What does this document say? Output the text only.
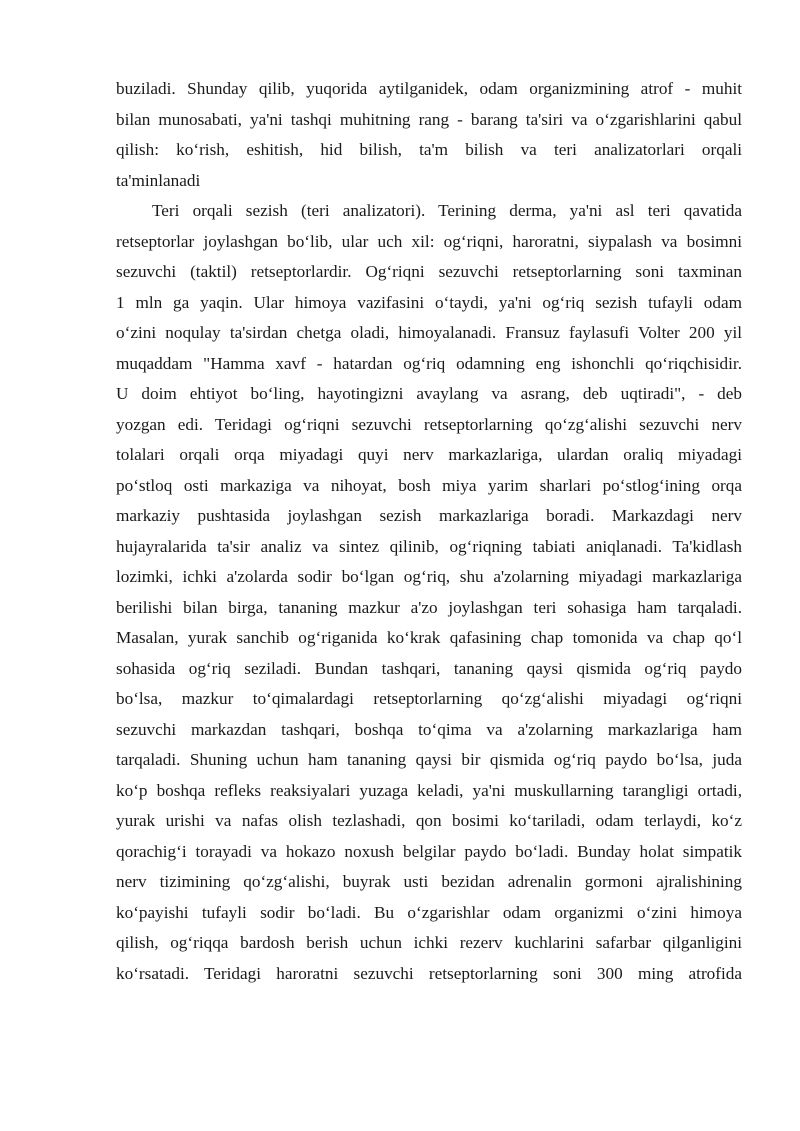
buziladi. Shunday qilib, yuqorida aytilganidek, odam organizmining atrof - muhit
bilan munosabati, ya'ni tashqi muhitning rang - barang ta'siri va o‘zgarishlarini qabul
qilish: ko‘rish, eshitish, hid bilish, ta'm bilish va teri analizatorlari orqali
ta'minlanadi
Teri orqali sezish (teri analizatori). Terining derma, ya'ni asl teri qavatida
retseptorlar joylashgan bo‘lib, ular uch xil: og‘riqni, haroratni, siypalash va bosimni
sezuvchi (taktil) retseptorlardir. Og‘riqni sezuvchi retseptorlarning soni taxminan
1 mln ga yaqin. Ular himoya vazifasini o‘taydi, ya'ni og‘riq sezish tufayli odam
o‘zini noqulay ta'sirdan chetga oladi, himoyalanadi. Fransuz faylasufi Volter 200 yil
muqaddam "Hamma xavf - hatardan og‘riq odamning eng ishonchli qo‘riqchisidir.
U doim ehtiyot bo‘ling, hayotingizni avaylang va asrang, deb uqtiradi", - deb
yozgan edi. Teridagi og‘riqni sezuvchi retseptorlarning qo‘zg‘alishi sezuvchi nerv
tolalari orqali orqa miyadagi quyi nerv markazlariga, ulardan oraliq miyadagi
po‘stloq osti markaziga va nihoyat, bosh miya yarim sharlari po‘stlog‘ining orqa
markaziy pushtasida joylashgan sezish markazlariga boradi. Markazdagi nerv
hujayralarida ta'sir analiz va sintez qilinib, og‘riqning tabiati aniqlanadi. Ta'kidlash
lozimki, ichki a'zolarda sodir bo‘lgan og‘riq, shu a'zolarning miyadagi markazlariga
berilishi bilan birga, tananing mazkur a'zo joylashgan teri sohasiga ham tarqaladi.
Masalan, yurak sanchib og‘riganida ko‘krak qafasining chap tomonida va chap qo‘l
sohasida og‘riq seziladi. Bundan tashqari, tananing qaysi qismida og‘riq paydo
bo‘lsa, mazkur to‘qimalardagi retseptorlarning qo‘zg‘alishi miyadagi og‘riqni
sezuvchi markazdan tashqari, boshqa to‘qima va a'zolarning markazlariga ham
tarqaladi. Shuning uchun ham tananing qaysi bir qismida og‘riq paydo bo‘lsa, juda
ko‘p boshqa refleks reaksiyalari yuzaga keladi, ya'ni muskullarning tarangligi ortadi,
yurak urishi va nafas olish tezlashadi, qon bosimi ko‘tariladi, odam terlaydi, ko‘z
qorachig‘i torayadi va hokazo noxush belgilar paydo bo‘ladi. Bunday holat simpatik
nerv tizimining qo‘zg‘alishi, buyrak usti bezidan adrenalin gormoni ajralishining
ko‘payishi tufayli sodir bo‘ladi. Bu o‘zgarishlar odam organizmi o‘zini himoya
qilish, og‘riqqa bardosh berish uchun ichki rezerv kuchlarini safarbar qilganligini
ko‘rsatadi. Teridagi haroratni sezuvchi retseptorlarning soni 300 ming atrofida
